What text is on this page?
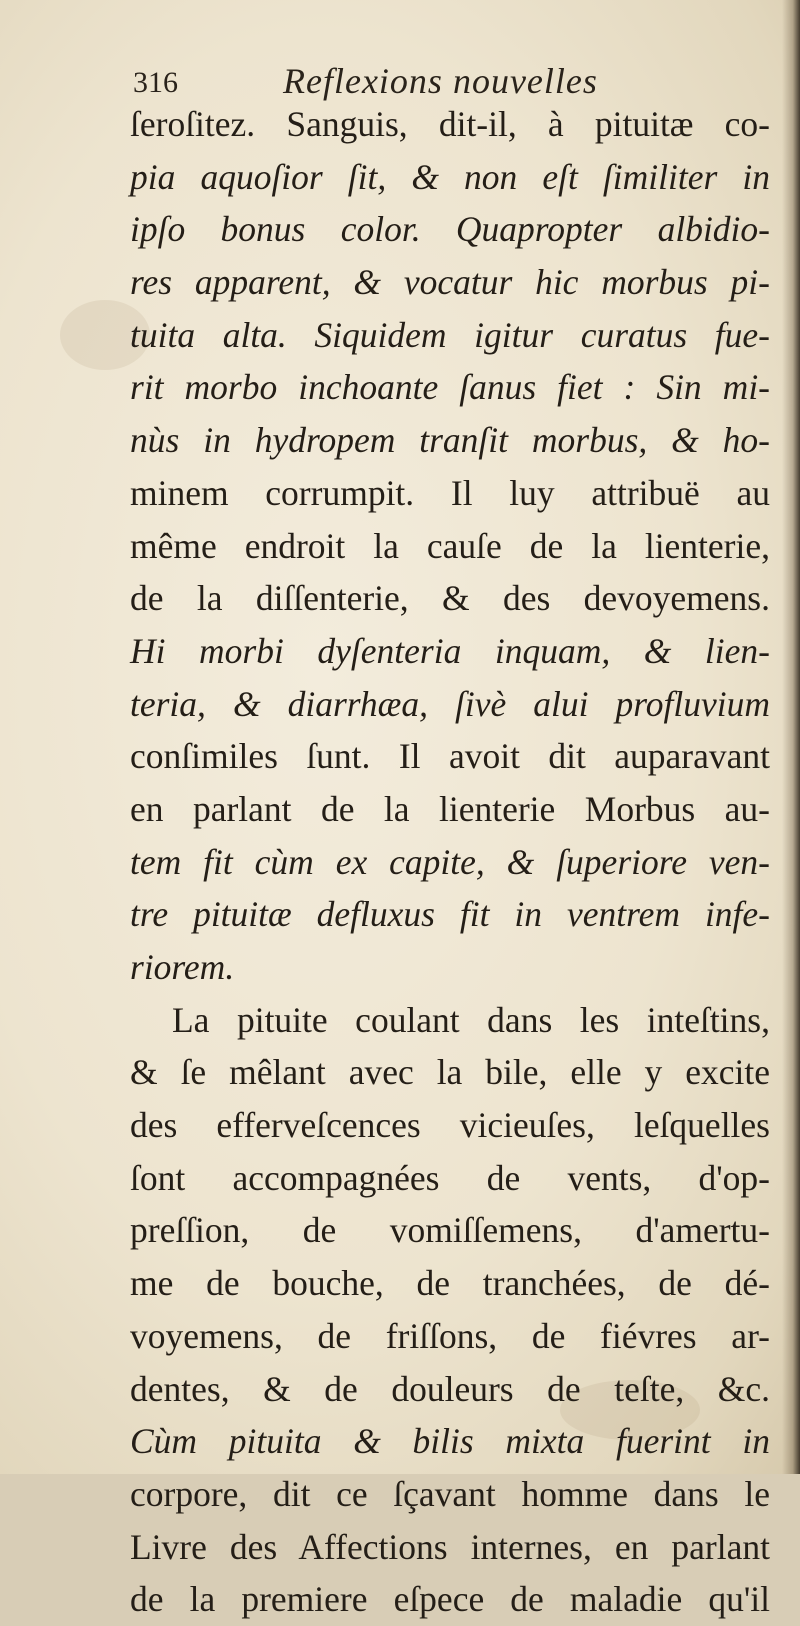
316	Reflexions nouvelles
ſeroſitez. Sanguis, dit-il, à pituitæ co-
pia aquoſior ſit, & non eſt ſimiliter in
ipſo bonus color. Quapropter albidio-
res apparent, & vocatur hic morbus pi-
tuita alta. Siquidem igitur curatus fue-
rit morbo inchoante ſanus fiet : Sin mi-
nùs in hydropem tranſit morbus, & ho-
minem corrumpit. Il luy attribuë au
même endroit la cauſe de la lienterie,
de la diſſenterie, & des devoyemens.
Hi morbi dyſenteria inquam, & lien-
teria, & diarrhæa, ſivè alui profluvium
conſimiles ſunt. Il avoit dit auparavant
en parlant de la lienterie Morbus au-
tem fit cùm ex capite, & ſuperiore ven-
tre pituitæ defluxus fit in ventrem infe-
riorem.
La pituite coulant dans les inteſtins,
& ſe mêlant avec la bile, elle y excite
des efferveſcences vicieuſes, leſquelles
ſont accompagnées de vents, d'op-
preſſion, de vomiſſemens, d'amertu-
me de bouche, de tranchées, de dé-
voyemens, de friſſons, de fiévres ar-
dentes, & de douleurs de teſte, &c.
Cùm pituita & bilis mixta fuerint in
corpore, dit ce ſçavant homme dans le
Livre des Affections internes, en parlant
de la premiere eſpece de maladie qu'il
